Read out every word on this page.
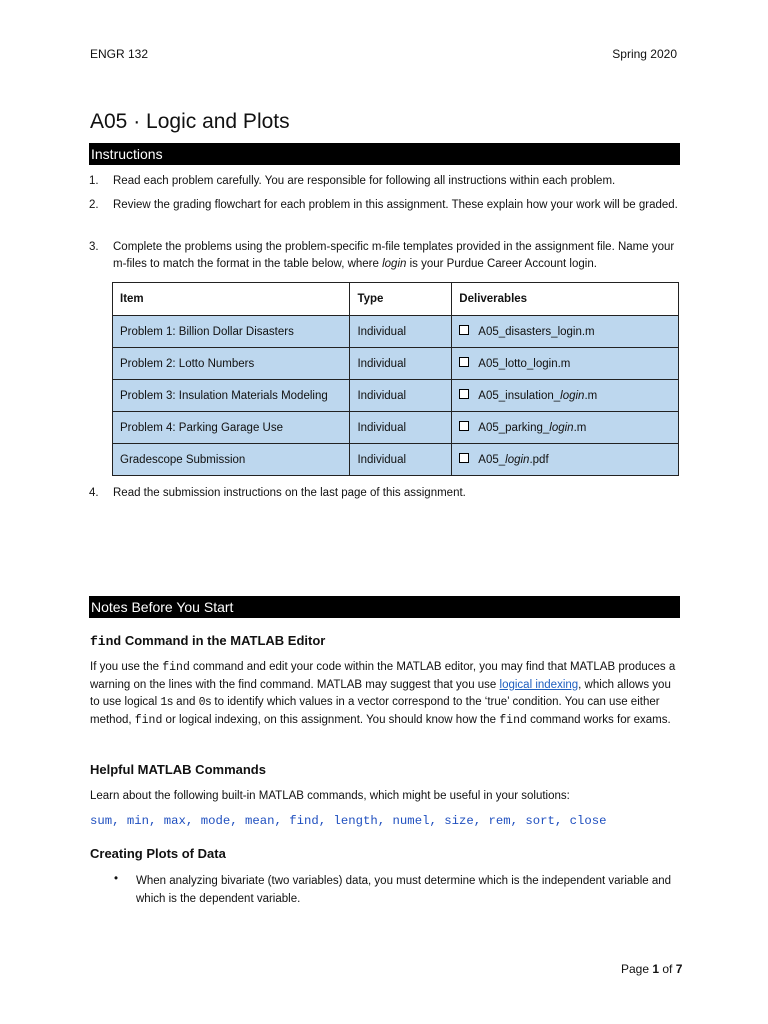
ENGR 132	Spring 2020
A05 · Logic and Plots
Instructions
1.	Read each problem carefully. You are responsible for following all instructions within each problem.
2.	Review the grading flowchart for each problem in this assignment. These explain how your work will be graded.
3.	Complete the problems using the problem-specific m-file templates provided in the assignment file. Name your m-files to match the format in the table below, where login is your Purdue Career Account login.
Item	Type	Deliverables
Problem 1: Billion Dollar Disasters	Individual	A05_disasters_login.m
Problem 2: Lotto Numbers	Individual	A05_lotto_login.m
Problem 3: Insulation Materials Modeling	Individual	A05_insulation_login.m
Problem 4: Parking Garage Use	Individual	A05_parking_login.m
Gradescope Submission	Individual	A05_login.pdf
4.	Read the submission instructions on the last page of this assignment.
Notes Before You Start
find Command in the MATLAB Editor
If you use the find command and edit your code within the MATLAB editor, you may find that MATLAB produces a warning on the lines with the find command. MATLAB may suggest that you use logical indexing, which allows you to use logical 1s and 0s to identify which values in a vector correspond to the ‘true’ condition. You can use either method, find or logical indexing, on this assignment. You should know how the find command works for exams.
Helpful MATLAB Commands
Learn about the following built-in MATLAB commands, which might be useful in your solutions:
sum, min, max, mode, mean, find, length, numel, size, rem, sort, close
Creating Plots of Data
• When analyzing bivariate (two variables) data, you must determine which is the independent variable and which is the dependent variable.
Page 1 of 7
